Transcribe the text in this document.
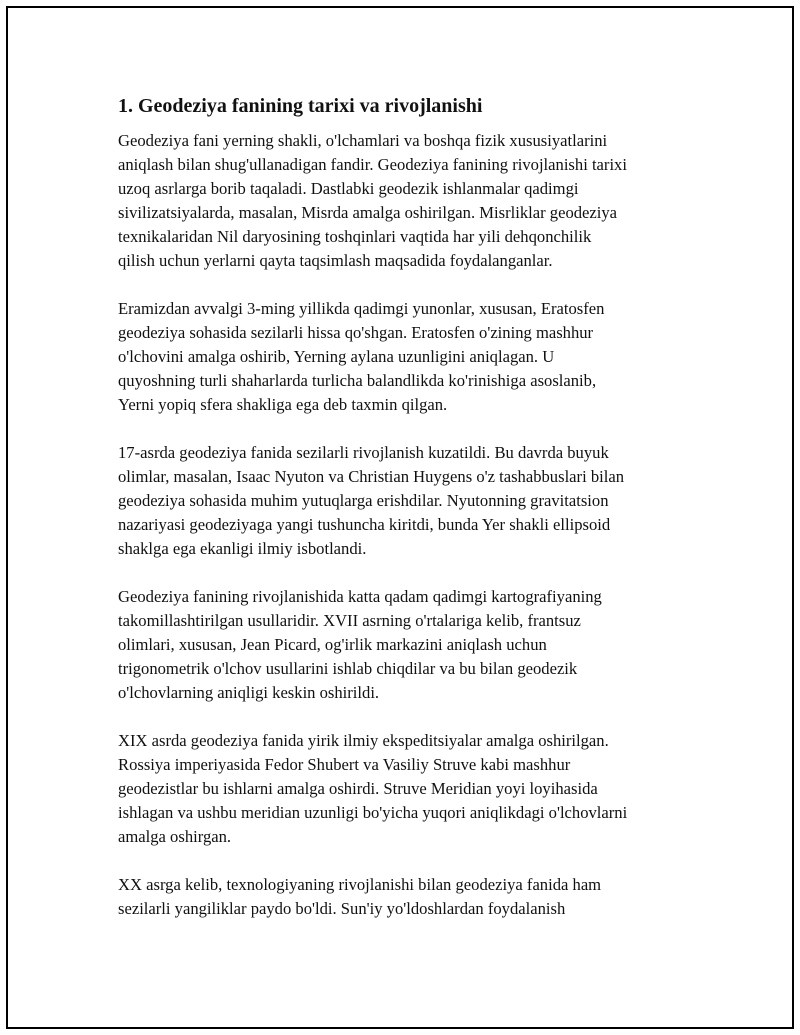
1. Geodeziya fanining tarixi va rivojlanishi
Geodeziya fani yerning shakli, o'lchamlari va boshqa fizik xususiyatlarini
aniqlash bilan shug'ullanadigan fandir. Geodeziya fanining rivojlanishi tarixi
uzoq asrlarga borib taqaladi. Dastlabki geodezik ishlanmalar qadimgi
sivilizatsiyalarda, masalan, Misrda amalga oshirilgan. Misrliklar geodeziya
texnikalaridan Nil daryosining toshqinlari vaqtida har yili dehqonchilik
qilish uchun yerlarni qayta taqsimlash maqsadida foydalanganlar.
Eramizdan avvalgi 3-ming yillikda qadimgi yunonlar, xususan, Eratosfen
geodeziya sohasida sezilarli hissa qo'shgan. Eratosfen o'zining mashhur
o'lchovini amalga oshirib, Yerning aylana uzunligini aniqlagan. U
quyoshning turli shaharlarda turlicha balandlikda ko'rinishiga asoslanib,
Yerni yopiq sfera shakliga ega deb taxmin qilgan.
17-asrda geodeziya fanida sezilarli rivojlanish kuzatildi. Bu davrda buyuk
olimlar, masalan, Isaac Nyuton va Christian Huygens o'z tashabbuslari bilan
geodeziya sohasida muhim yutuqlarga erishdilar. Nyutonning gravitatsion
nazariyasi geodeziyaga yangi tushuncha kiritdi, bunda Yer shakli ellipsoid
shaklga ega ekanligi ilmiy isbotlandi.
Geodeziya fanining rivojlanishida katta qadam qadimgi kartografiyaning
takomillashtirilgan usullaridir. XVII asrning o'rtalariga kelib, frantsuz
olimlari, xususan, Jean Picard, og'irlik markazini aniqlash uchun
trigonometrik o'lchov usullarini ishlab chiqdilar va bu bilan geodezik
o'lchovlarning aniqligi keskin oshirildi.
XIX asrda geodeziya fanida yirik ilmiy ekspeditsiyalar amalga oshirilgan.
Rossiya imperiyasida Fedor Shubert va Vasiliy Struve kabi mashhur
geodezistlar bu ishlarni amalga oshirdi. Struve Meridian yoyi loyihasida
ishlagan va ushbu meridian uzunligi bo'yicha yuqori aniqlikdagi o'lchovlarni
amalga oshirgan.
XX asrga kelib, texnologiyaning rivojlanishi bilan geodeziya fanida ham
sezilarli yangiliklar paydo bo'ldi. Sun'iy yo'ldoshlardan foydalanish
